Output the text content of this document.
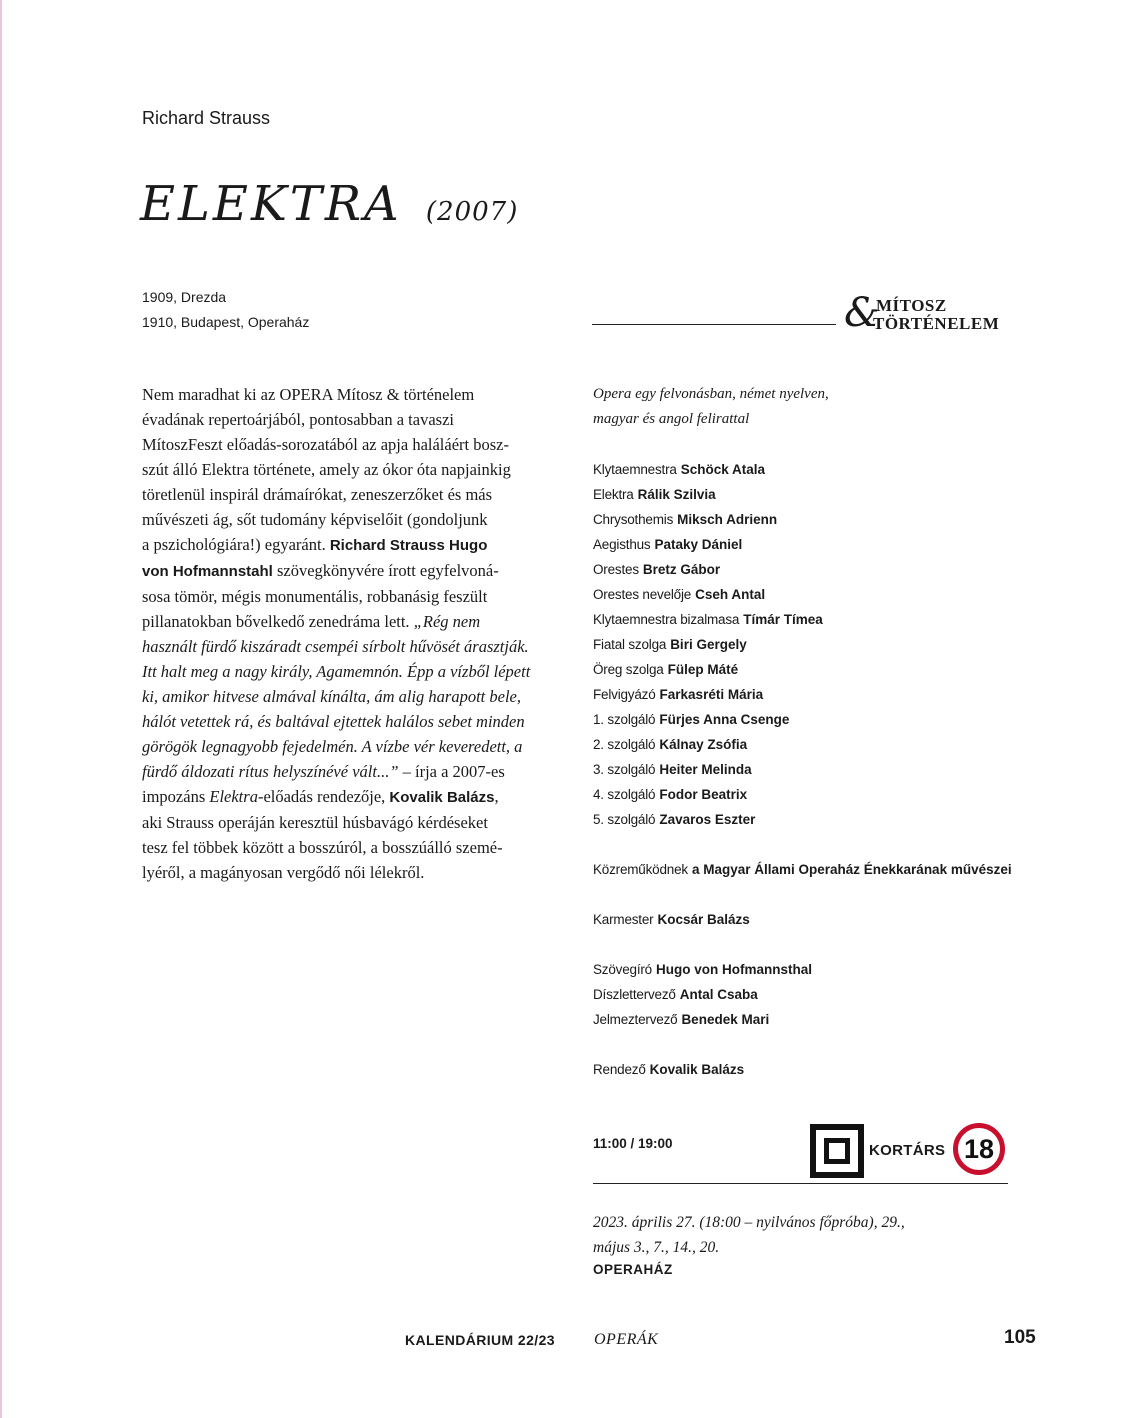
Richard Strauss
ELEKTRA (2007)
1909, Drezda
1910, Budapest, Operaház	&
MÍTOSZ
TÖRTÉNELEM

Nem maradhat ki az OPERA Mítosz & történelem
évadának repertoárjából, pontosabban a tavaszi
MítoszFeszt előadás-sorozatából az apja haláláért bosz-
szút álló Elektra története, amely az ókor óta napjainkig
töretlenül inspirál drámaírókat, zeneszerzőket és más
művészeti ág, sőt tudomány képviselőit (gondoljunk
a pszichológiára!) egyaránt. Richard Strauss Hugo
von Hofmannstahl szövegkönyvére írott egyfelvoná-
sosa tömör, mégis monumentális, robbanásig feszült
pillanatokban bővelkedő zenedráma lett. „Rég nem
használt fürdő kiszáradt csempéi sírbolt hűvösét árasztják.
Itt halt meg a nagy király, Agamemnón. Épp a vízből lépett
ki, amikor hitvese almával kínálta, ám alig harapott bele,
hálót vetettek rá, és baltával ejtettek halálos sebet minden
görögök legnagyobb fejedelmén. A vízbe vér keveredett, a
fürdő áldozati rítus helyszínévé vált...” – írja a 2007-es
impozáns Elektra-előadás rendezője, Kovalik Balázs,
aki Strauss operáján keresztül húsbavágó kérdéseket
tesz fel többek között a bosszúról, a bosszúálló szemé-
lyéről, a magányosan vergődő női lélekről.

Opera egy felvonásban, német nyelven,
magyar és angol felirattal
Klytaemnestra Schöck Atala
Elektra Rálik Szilvia
Chrysothemis Miksch Adrienn
Aegisthus Pataky Dániel
Orestes Bretz Gábor
Orestes nevelője Cseh Antal
Klytaemnestra bizalmasa Tímár Tímea
Fiatal szolga Biri Gergely
Öreg szolga Fülep Máté
Felvigyázó Farkasréti Mária
1. szolgáló Fürjes Anna Csenge
2. szolgáló Kálnay Zsófia
3. szolgáló Heiter Melinda
4. szolgáló Fodor Beatrix
5. szolgáló Zavaros Eszter
Közreműködnek a Magyar Állami Operaház Énekkarának művészei
Karmester Kocsár Balázs
Szövegíró Hugo von Hofmannsthal
Díszlettervező Antal Csaba
Jelmeztervező Benedek Mari
Rendező Kovalik Balázs
11:00 / 19:00	KORTÁRS 18
2023. április 27. (18:00 – nyilvános főpróba), 29.,
május 3., 7., 14., 20.
OPERAHÁZ
KALENDÁRIUM 22/23 OPERÁK	105
